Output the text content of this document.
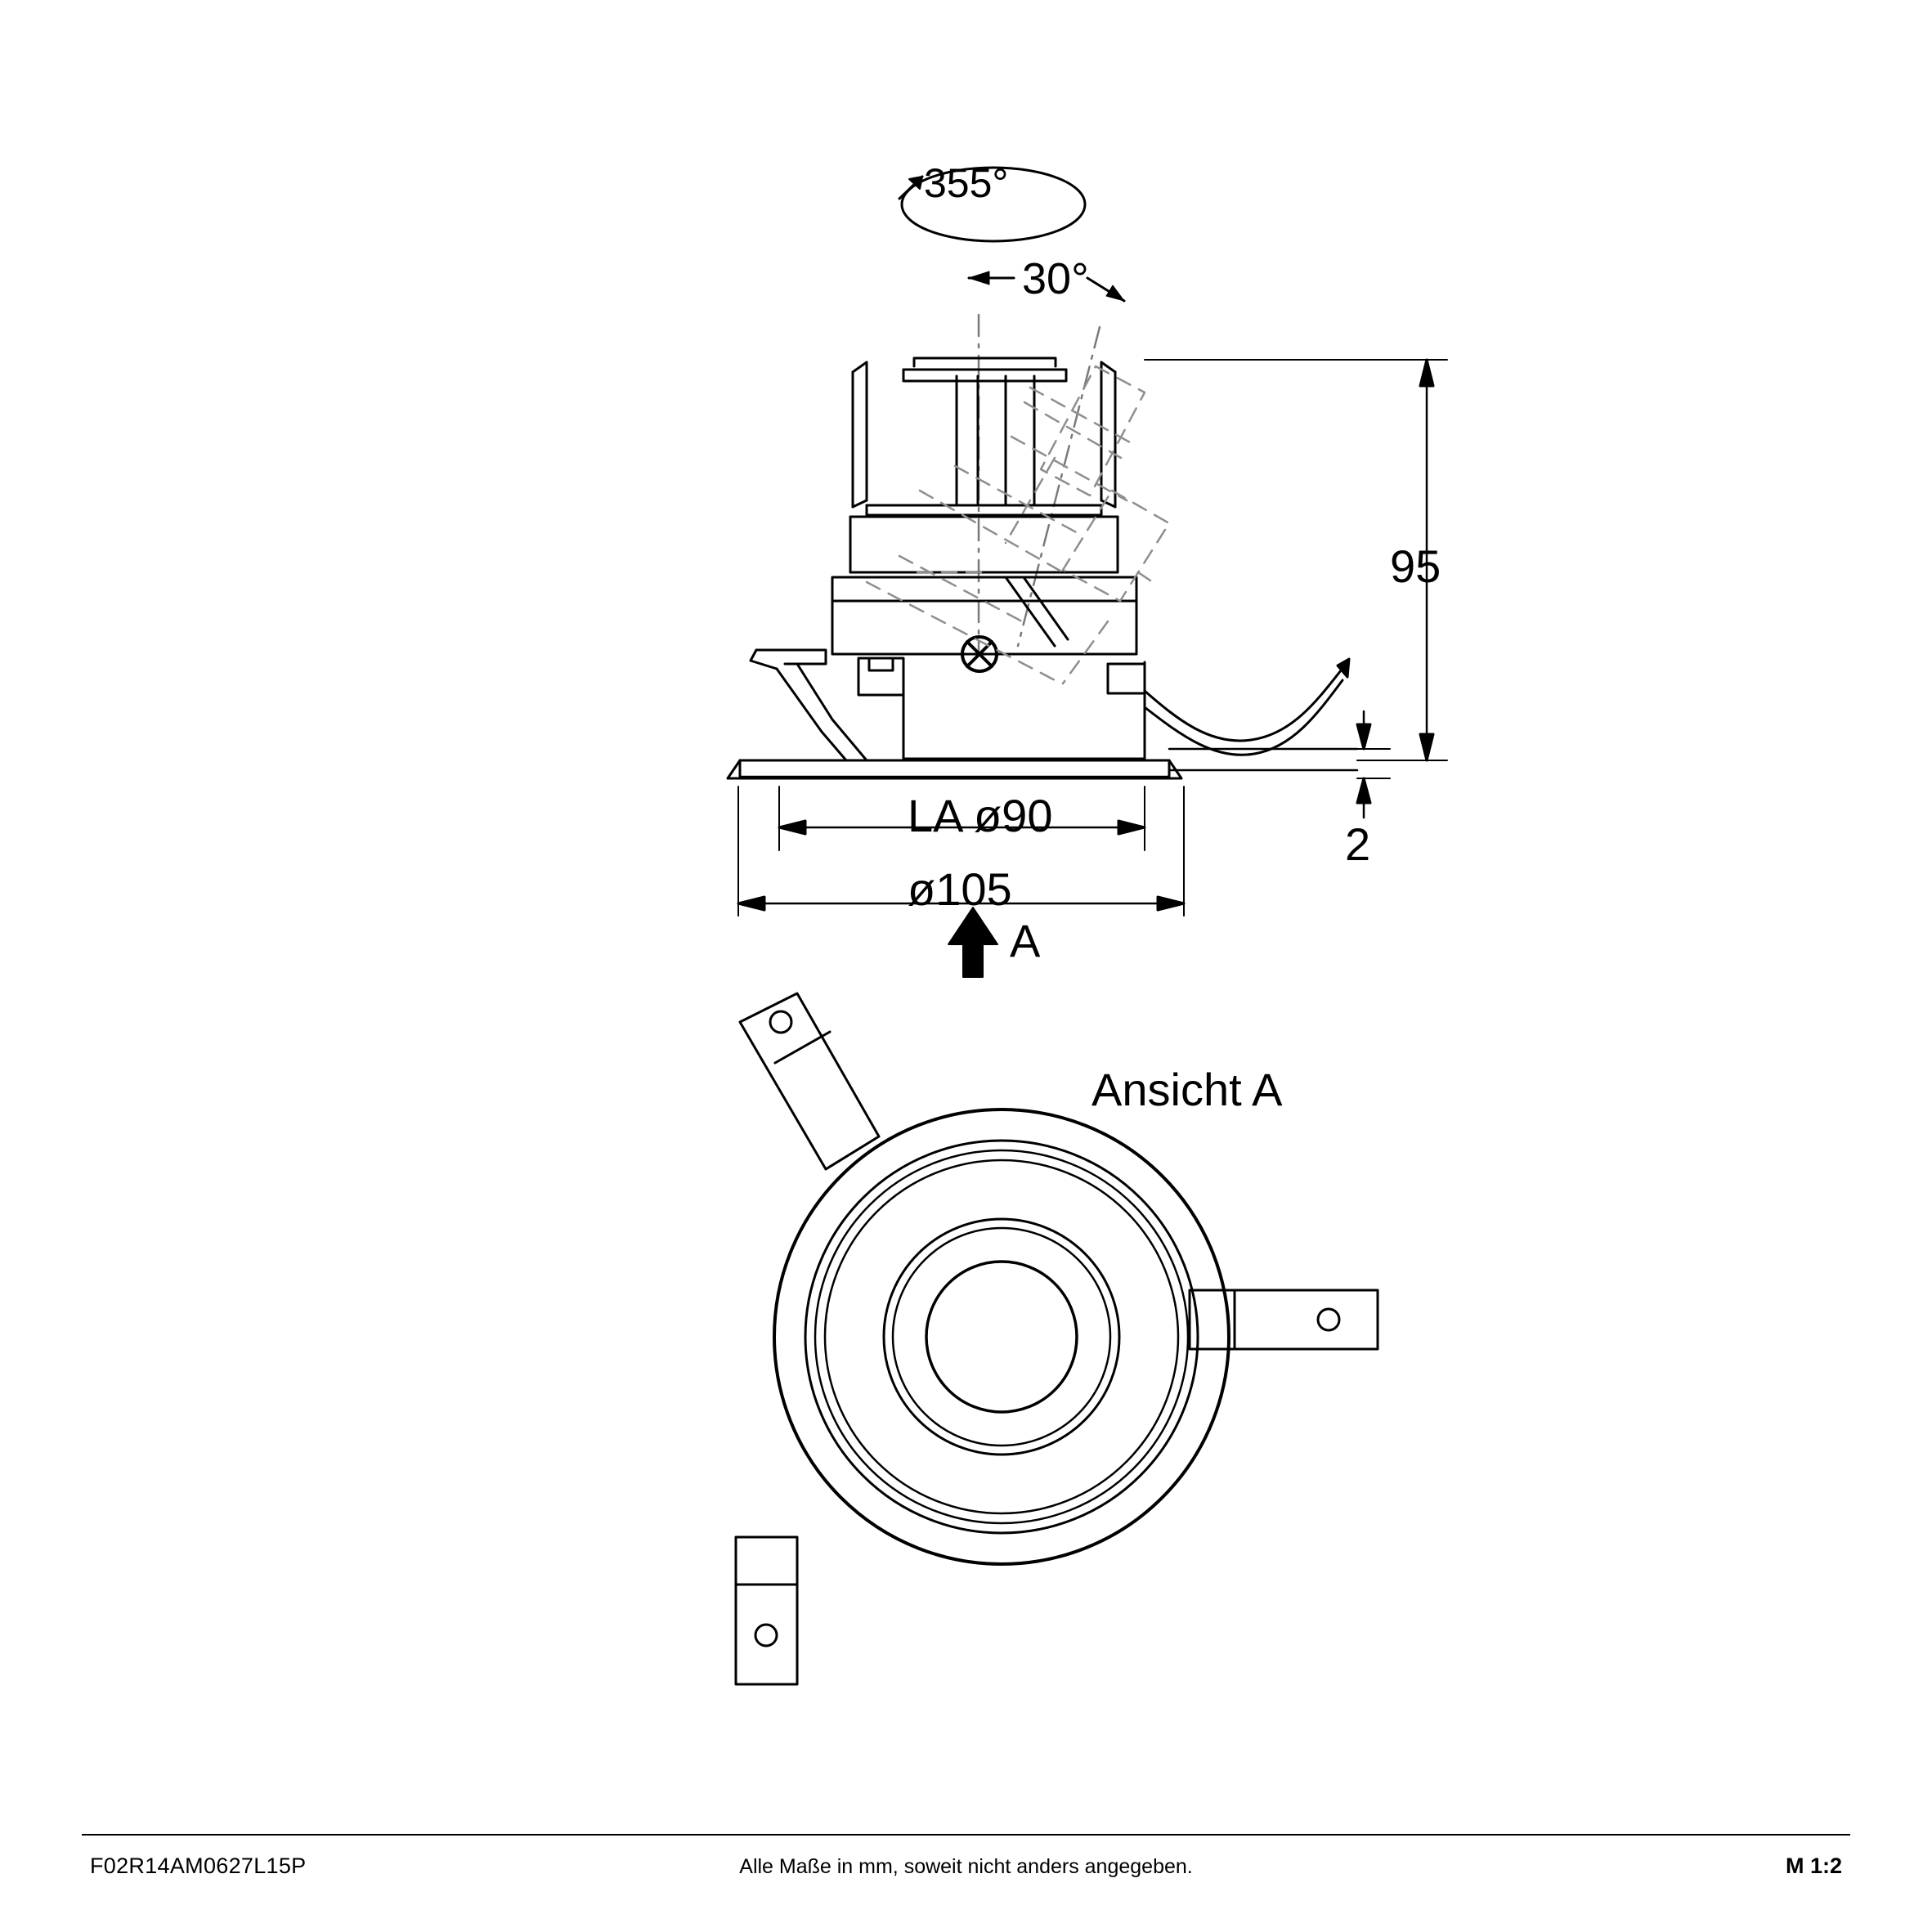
355°
30°
95
2
LA ø90
ø105
A
Ansicht A
F02R14AM0627L15P	Alle Maße in mm, soweit nicht anders angegeben.	M 1:2
